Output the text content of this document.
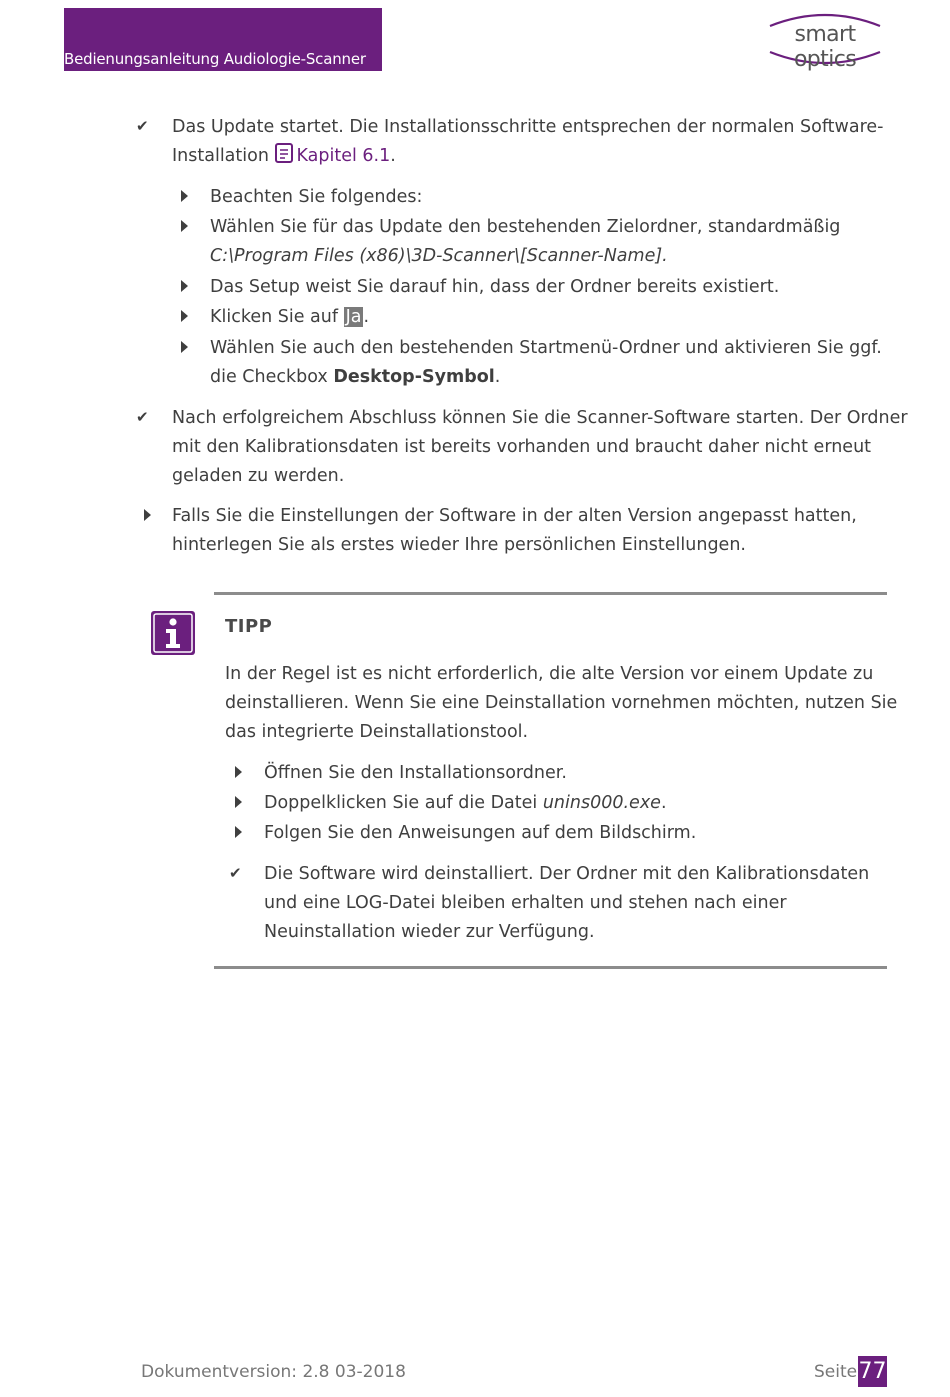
Bedienungsanleitung Audiologie-Scanner
smart optics
✔ Das Update startet. Die Installationsschritte entsprechen der normalen Software-
Installation Kapitel 6.1.
Beachten Sie folgendes:
Wählen Sie für das Update den bestehenden Zielordner, standardmäßig
C:\Program Files (x86)\3D-Scanner\[Scanner-Name].
Das Setup weist Sie darauf hin, dass der Ordner bereits existiert.
Klicken Sie auf Ja .
Wählen Sie auch den bestehenden Startmenü-Ordner und aktivieren Sie ggf.
die Checkbox Desktop-Symbol.
✔ Nach erfolgreichem Abschluss können Sie die Scanner-Software starten. Der Ordner
mit den Kalibrationsdaten ist bereits vorhanden und braucht daher nicht erneut
geladen zu werden.
Falls Sie die Einstellungen der Software in der alten Version angepasst hatten,
hinterlegen Sie als erstes wieder Ihre persönlichen Einstellungen.
TIPP
In der Regel ist es nicht erforderlich, die alte Version vor einem Update zu
deinstallieren. Wenn Sie eine Deinstallation vornehmen möchten, nutzen Sie
das integrierte Deinstallationstool.
Öffnen Sie den Installationsordner.
Doppelklicken Sie auf die Datei unins000.exe.
Folgen Sie den Anweisungen auf dem Bildschirm.
✔ Die Software wird deinstalliert. Der Ordner mit den Kalibrationsdaten
und eine LOG-Datei bleiben erhalten und stehen nach einer
Neuinstallation wieder zur Verfügung.
Dokumentversion: 2.8 03-2018	Seite 77
